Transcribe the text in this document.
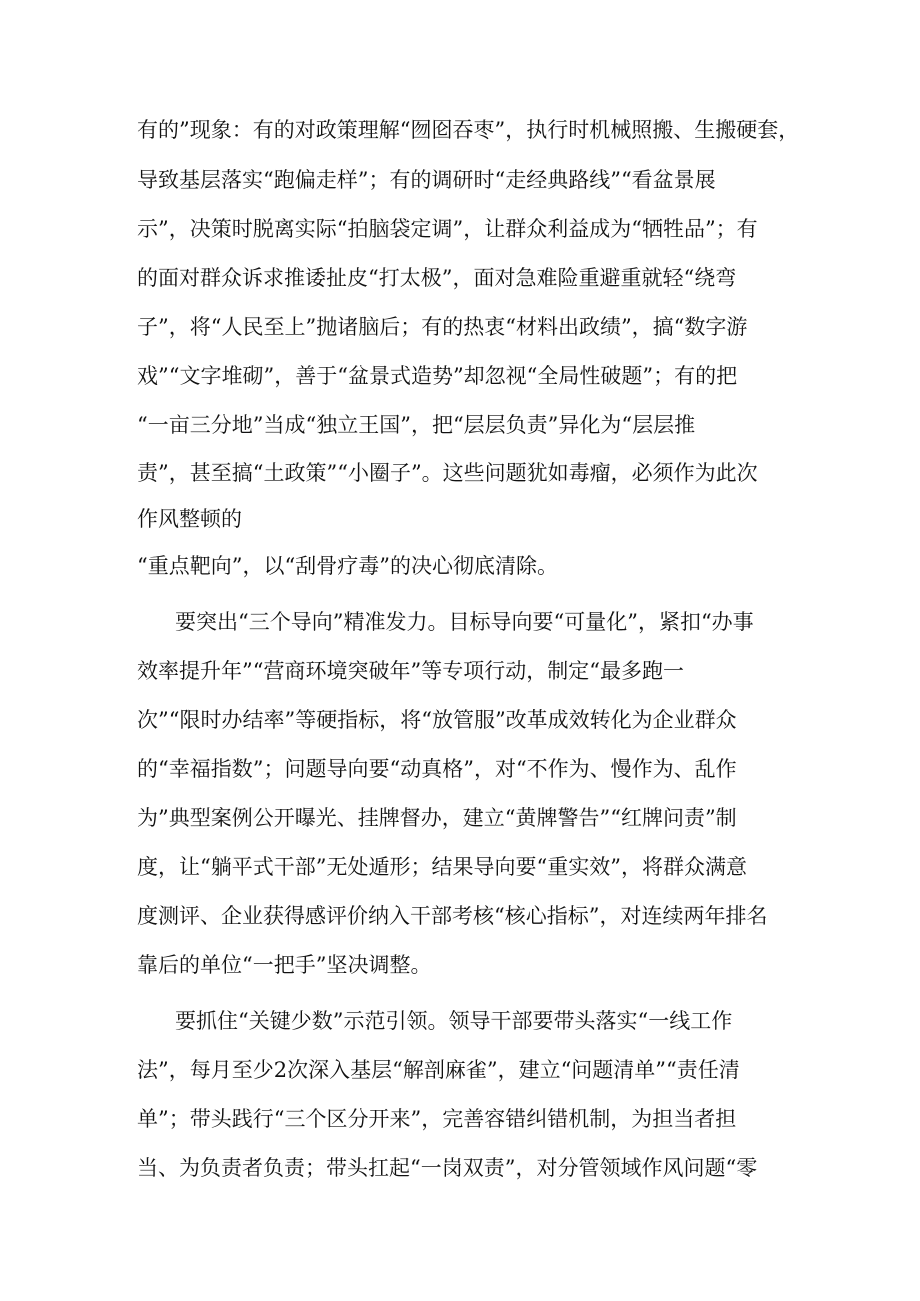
有的”现象：有的对政策理解“囫囵吞枣”，执行时机械照搬、生搬硬套，
导致基层落实“跑偏走样”；有的调研时“走经典路线”“看盆景展
示”，决策时脱离实际“拍脑袋定调”，让群众利益成为“牺牲品”；有
的面对群众诉求推诿扯皮“打太极”，面对急难险重避重就轻“绕弯
子”，将“人民至上”抛诸脑后；有的热衷“材料出政绩”，搞“数字游
戏”“文字堆砌”，善于“盆景式造势”却忽视“全局性破题”；有的把
“一亩三分地”当成“独立王国”，把“层层负责”异化为“层层推
责”，甚至搞“土政策”“小圈子”。这些问题犹如毒瘤，必须作为此次
作风整顿的
“重点靶向”，以“刮骨疗毒”的决心彻底清除。
要突出“三个导向”精准发力。目标导向要“可量化”，紧扣“办事
效率提升年”“营商环境突破年”等专项行动，制定“最多跑一
次”“限时办结率”等硬指标，将“放管服”改革成效转化为企业群众
的“幸福指数”；问题导向要“动真格”，对“不作为、慢作为、乱作
为”典型案例公开曝光、挂牌督办，建立“黄牌警告”“红牌问责”制
度，让“躺平式干部”无处遁形；结果导向要“重实效”，将群众满意
度测评、企业获得感评价纳入干部考核“核心指标”，对连续两年排名
靠后的单位“一把手”坚决调整。
要抓住“关键少数”示范引领。领导干部要带头落实“一线工作
法”，每月至少2次深入基层“解剖麻雀”，建立“问题清单”“责任清
单”；带头践行“三个区分开来”，完善容错纠错机制，为担当者担
当、为负责者负责；带头扛起“一岗双责”，对分管领域作风问题“零
